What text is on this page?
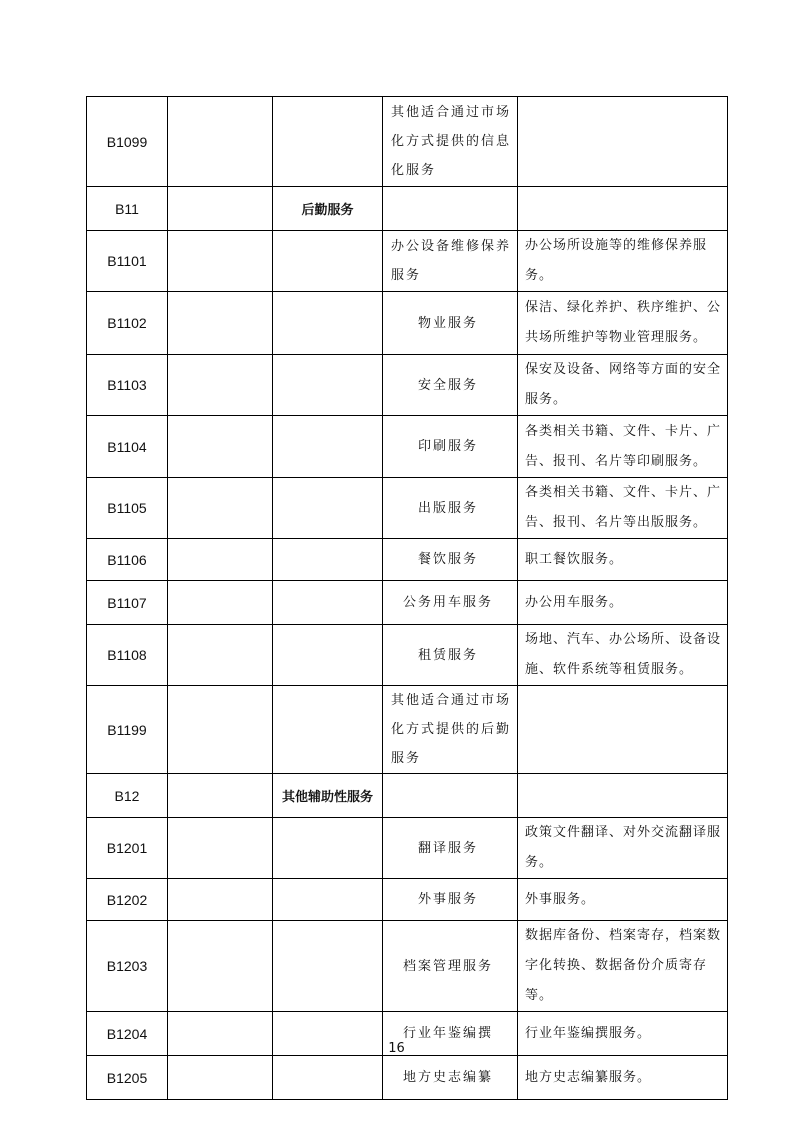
B1099			其他适合通过市场化方式提供的信息化服务	
B11		后勤服务		
B1101			办公设备维修保养服务	办公场所设施等的维修保养服务。
B1102			物业服务	保洁、绿化养护、秩序维护、公共场所维护等物业管理服务。
B1103			安全服务	保安及设备、网络等方面的安全服务。
B1104			印刷服务	各类相关书籍、文件、卡片、广告、报刊、名片等印刷服务。
B1105			出版服务	各类相关书籍、文件、卡片、广告、报刊、名片等出版服务。
B1106			餐饮服务	职工餐饮服务。
B1107			公务用车服务	办公用车服务。
B1108			租赁服务	场地、汽车、办公场所、设备设施、软件系统等租赁服务。
B1199			其他适合通过市场化方式提供的后勤服务	
B12		其他辅助性服务		
B1201			翻译服务	政策文件翻译、对外交流翻译服务。
B1202			外事服务	外事服务。
B1203			档案管理服务	数据库备份、档案寄存，档案数字化转换、数据备份介质寄存等。
B1204			行业年鉴编撰	行业年鉴编撰服务。
B1205			地方史志编纂	地方史志编纂服务。
16
